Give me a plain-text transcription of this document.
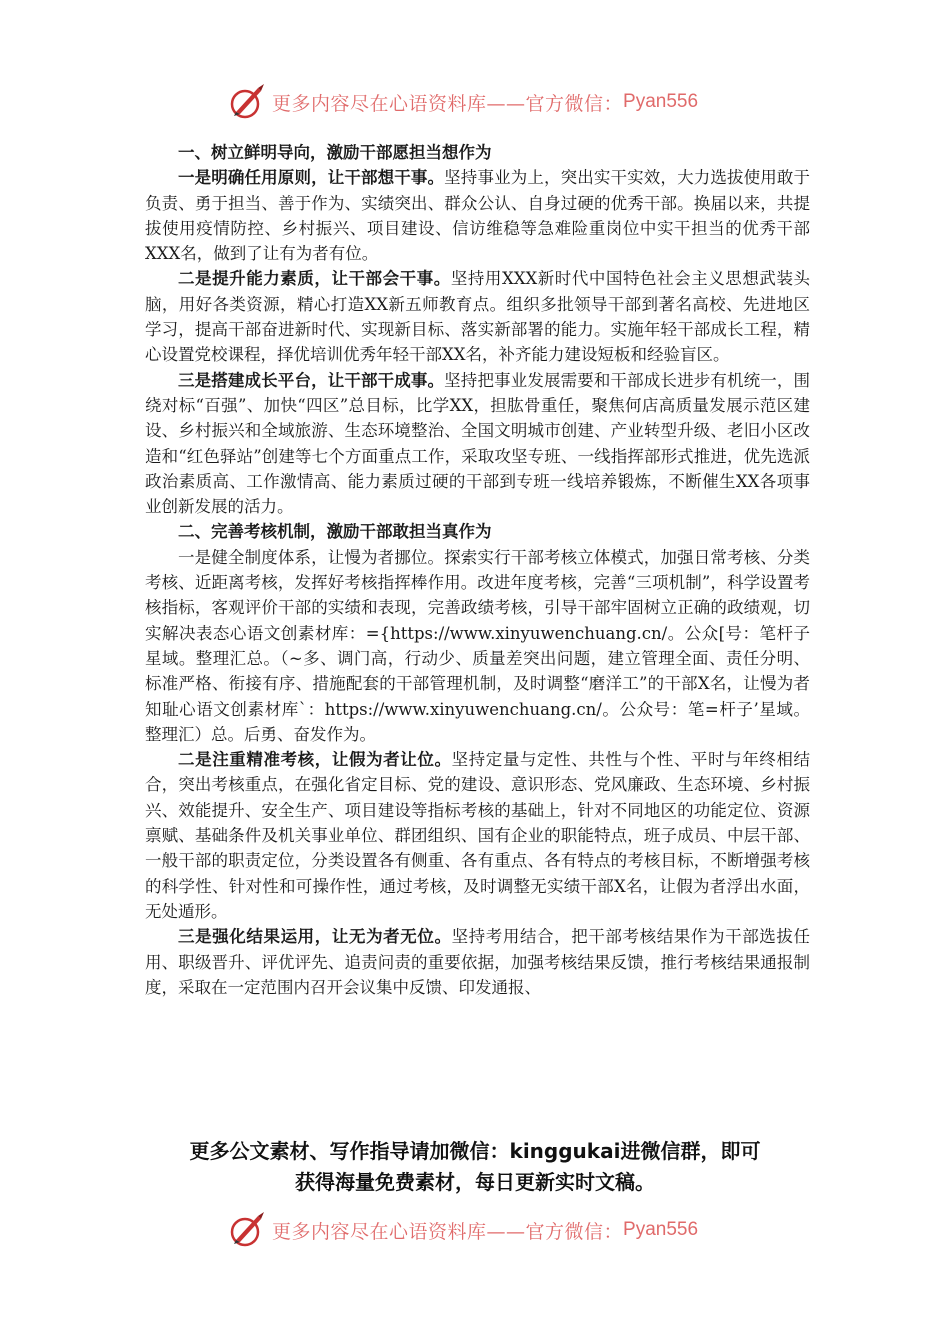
更多内容尽在心语资料库——官方微信： Pyan556

一、树立鲜明导向，激励干部愿担当想作为

一是明确任用原则，让干部想干事。坚持事业为上，突出实干实效，大力选拔使用敢于负责、勇于担当、善于作为、实绩突出、群众公认、自身过硬的优秀干部。换届以来，共提拔使用疫情防控、乡村振兴、项目建设、信访维稳等急难险重岗位中实干担当的优秀干部XXX名，做到了让有为者有位。

二是提升能力素质，让干部会干事。坚持用XXX新时代中国特色社会主义思想武装头脑，用好各类资源，精心打造XX新五师教育点。组织多批领导干部到著名高校、先进地区学习，提高干部奋进新时代、实现新目标、落实新部署的能力。实施年轻干部成长工程，精心设置党校课程，择优培训优秀年轻干部XX名，补齐能力建设短板和经验盲区。

三是搭建成长平台，让干部干成事。坚持把事业发展需要和干部成长进步有机统一，围绕对标“百强”、加快“四区”总目标，比学XX，担肱骨重任，聚焦何店高质量发展示范区建设、乡村振兴和全域旅游、生态环境整治、全国文明城市创建、产业转型升级、老旧小区改造和“红色驿站”创建等七个方面重点工作，采取攻坚专班、一线指挥部形式推进，优先选派政治素质高、工作激情高、能力素质过硬的干部到专班一线培养锻炼，不断催生XX各项事业创新发展的活力。

二、完善考核机制，激励干部敢担当真作为

一是健全制度体系，让慢为者挪位。探索实行干部考核立体模式，加强日常考核、分类考核、近距离考核，发挥好考核指挥棒作用。改进年度考核，完善“三项机制”，科学设置考核指标，客观评价干部的实绩和表现，完善政绩考核，引导干部牢固树立正确的政绩观，切实解决表态心语文创素材库：={https://www.xinyuwenchuang.cn/。公众[号：笔杆子星域。整理汇总。（~多、调门高，行动少、质量差突出问题，建立管理全面、责任分明、标准严格、衔接有序、措施配套的干部管理机制，及时调整“磨洋工”的干部X名，让慢为者知耻心语文创素材库`：https://www.xinyuwenchuang.cn/。公众号：笔=杆子’星域。整理汇）总。后勇、奋发作为。

二是注重精准考核，让假为者让位。坚持定量与定性、共性与个性、平时与年终相结合，突出考核重点，在强化省定目标、党的建设、意识形态、党风廉政、生态环境、乡村振兴、效能提升、安全生产、项目建设等指标考核的基础上，针对不同地区的功能定位、资源禀赋、基础条件及机关事业单位、群团组织、国有企业的职能特点，班子成员、中层干部、一般干部的职责定位，分类设置各有侧重、各有重点、各有特点的考核目标，不断增强考核的科学性、针对性和可操作性，通过考核，及时调整无实绩干部X名，让假为者浮出水面，无处遁形。

三是强化结果运用，让无为者无位。坚持考用结合，把干部考核结果作为干部选拔任用、职级晋升、评优评先、追责问责的重要依据，加强考核结果反馈，推行考核结果通报制度，采取在一定范围内召开会议集中反馈、印发通报、

更多公文素材、写作指导请加微信：kinggukai进微信群，即可
获得海量免费素材，每日更新实时文稿。
更多内容尽在心语资料库——官方微信： Pyan556
